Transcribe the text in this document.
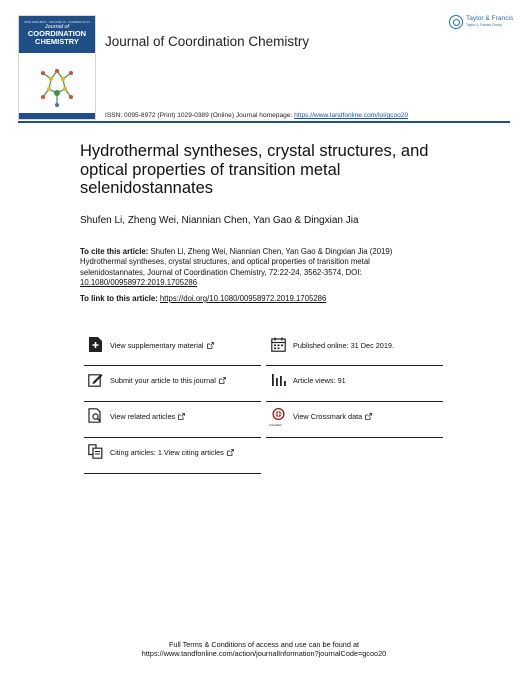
ISSN 0095-8972 · VOLUME 72 · NUMBER 22-24
Journal of
COORDINATION
CHEMISTRY	Journal of Coordination Chemistry
Taylor & Francis
Taylor & Francis Group
ISSN: 0095-8972 (Print) 1029-0389 (Online) Journal homepage: https://www.tandfonline.com/loi/gcoo20
Hydrothermal syntheses, crystal structures, and optical properties of transition metal selenidostannates
Shufen Li, Zheng Wei, Niannian Chen, Yan Gao & Dingxian Jia
To cite this article: Shufen Li, Zheng Wei, Niannian Chen, Yan Gao & Dingxian Jia (2019) Hydrothermal syntheses, crystal structures, and optical properties of transition metal selenidostannates, Journal of Coordination Chemistry, 72:22-24, 3562-3574, DOI: 10.1080/00958972.2019.1705286
To link to this article: https://doi.org/10.1080/00958972.2019.1705286
View supplementary material
Submit your article to this journal
View related articles
Citing articles: 1 View citing articles
Published online: 31 Dec 2019.
Article views: 91
View Crossmark data
CrossMark
Full Terms & Conditions of access and use can be found at
https://www.tandfonline.com/action/journalInformation?journalCode=gcoo20
